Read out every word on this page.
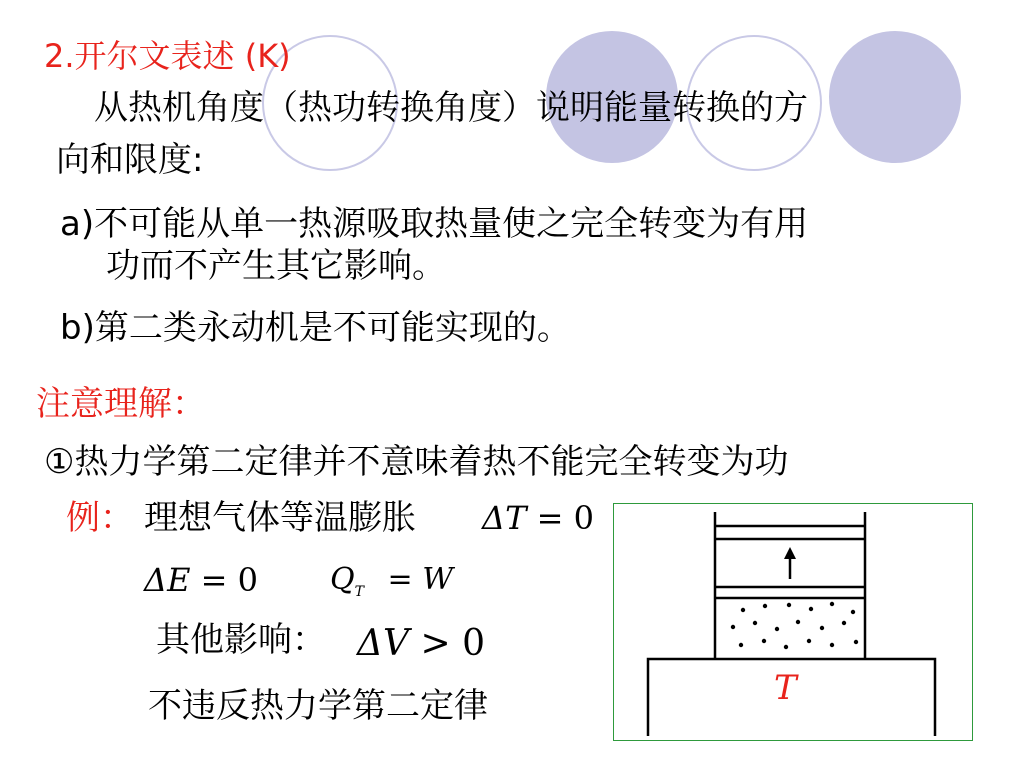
2.开尔文表述 (K)
从热机角度（热功转换角度）说明能量转换的方
向和限度:
a)不可能从单一热源吸取热量使之完全转变为有用
功而不产生其它影响。
b)第二类永动机是不可能实现的。
注意理解：
①热力学第二定律并不意味着热不能完全转变为功
例： 理想气体等温膨胀 ΔT = 0
ΔE = 0 $Q_T = W$
其他影响： ΔV > 0
不违反热力学第二定律	T
